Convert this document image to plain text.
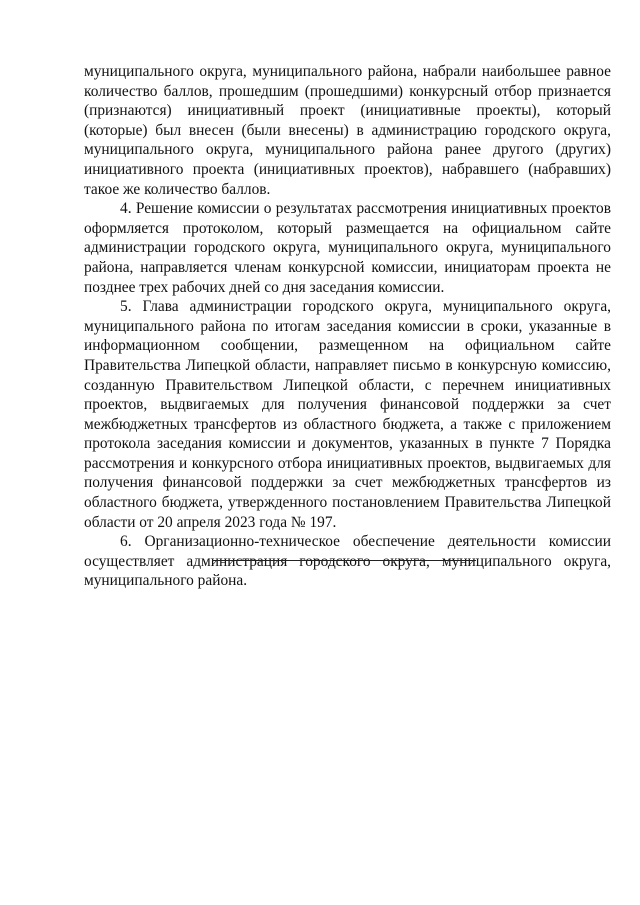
муниципального округа, муниципального района, набрали наибольшее равное количество баллов, прошедшим (прошедшими) конкурсный отбор признается (признаются) инициативный проект (инициативные проекты), который (которые) был внесен (были внесены) в администрацию городского округа, муниципального округа, муниципального района ранее другого (других) инициативного проекта (инициативных проектов), набравшего (набравших) такое же количество баллов.

4. Решение комиссии о результатах рассмотрения инициативных проектов оформляется протоколом, который размещается на официальном сайте администрации городского округа, муниципального округа, муниципального района, направляется членам конкурсной комиссии, инициаторам проекта не позднее трех рабочих дней со дня заседания комиссии.

5. Глава администрации городского округа, муниципального округа, муниципального района по итогам заседания комиссии в сроки, указанные в информационном сообщении, размещенном на официальном сайте Правительства Липецкой области, направляет письмо в конкурсную комиссию, созданную Правительством Липецкой области, с перечнем инициативных проектов, выдвигаемых для получения финансовой поддержки за счет межбюджетных трансфертов из областного бюджета, а также с приложением протокола заседания комиссии и документов, указанных в пункте 7 Порядка рассмотрения и конкурсного отбора инициативных проектов, выдвигаемых для получения финансовой поддержки за счет межбюджетных трансфертов из областного бюджета, утвержденного постановлением Правительства Липецкой области от 20 апреля 2023 года № 197.

6. Организационно-техническое обеспечение деятельности комиссии осуществляет администрация городского округа, муниципального округа, муниципального района.
